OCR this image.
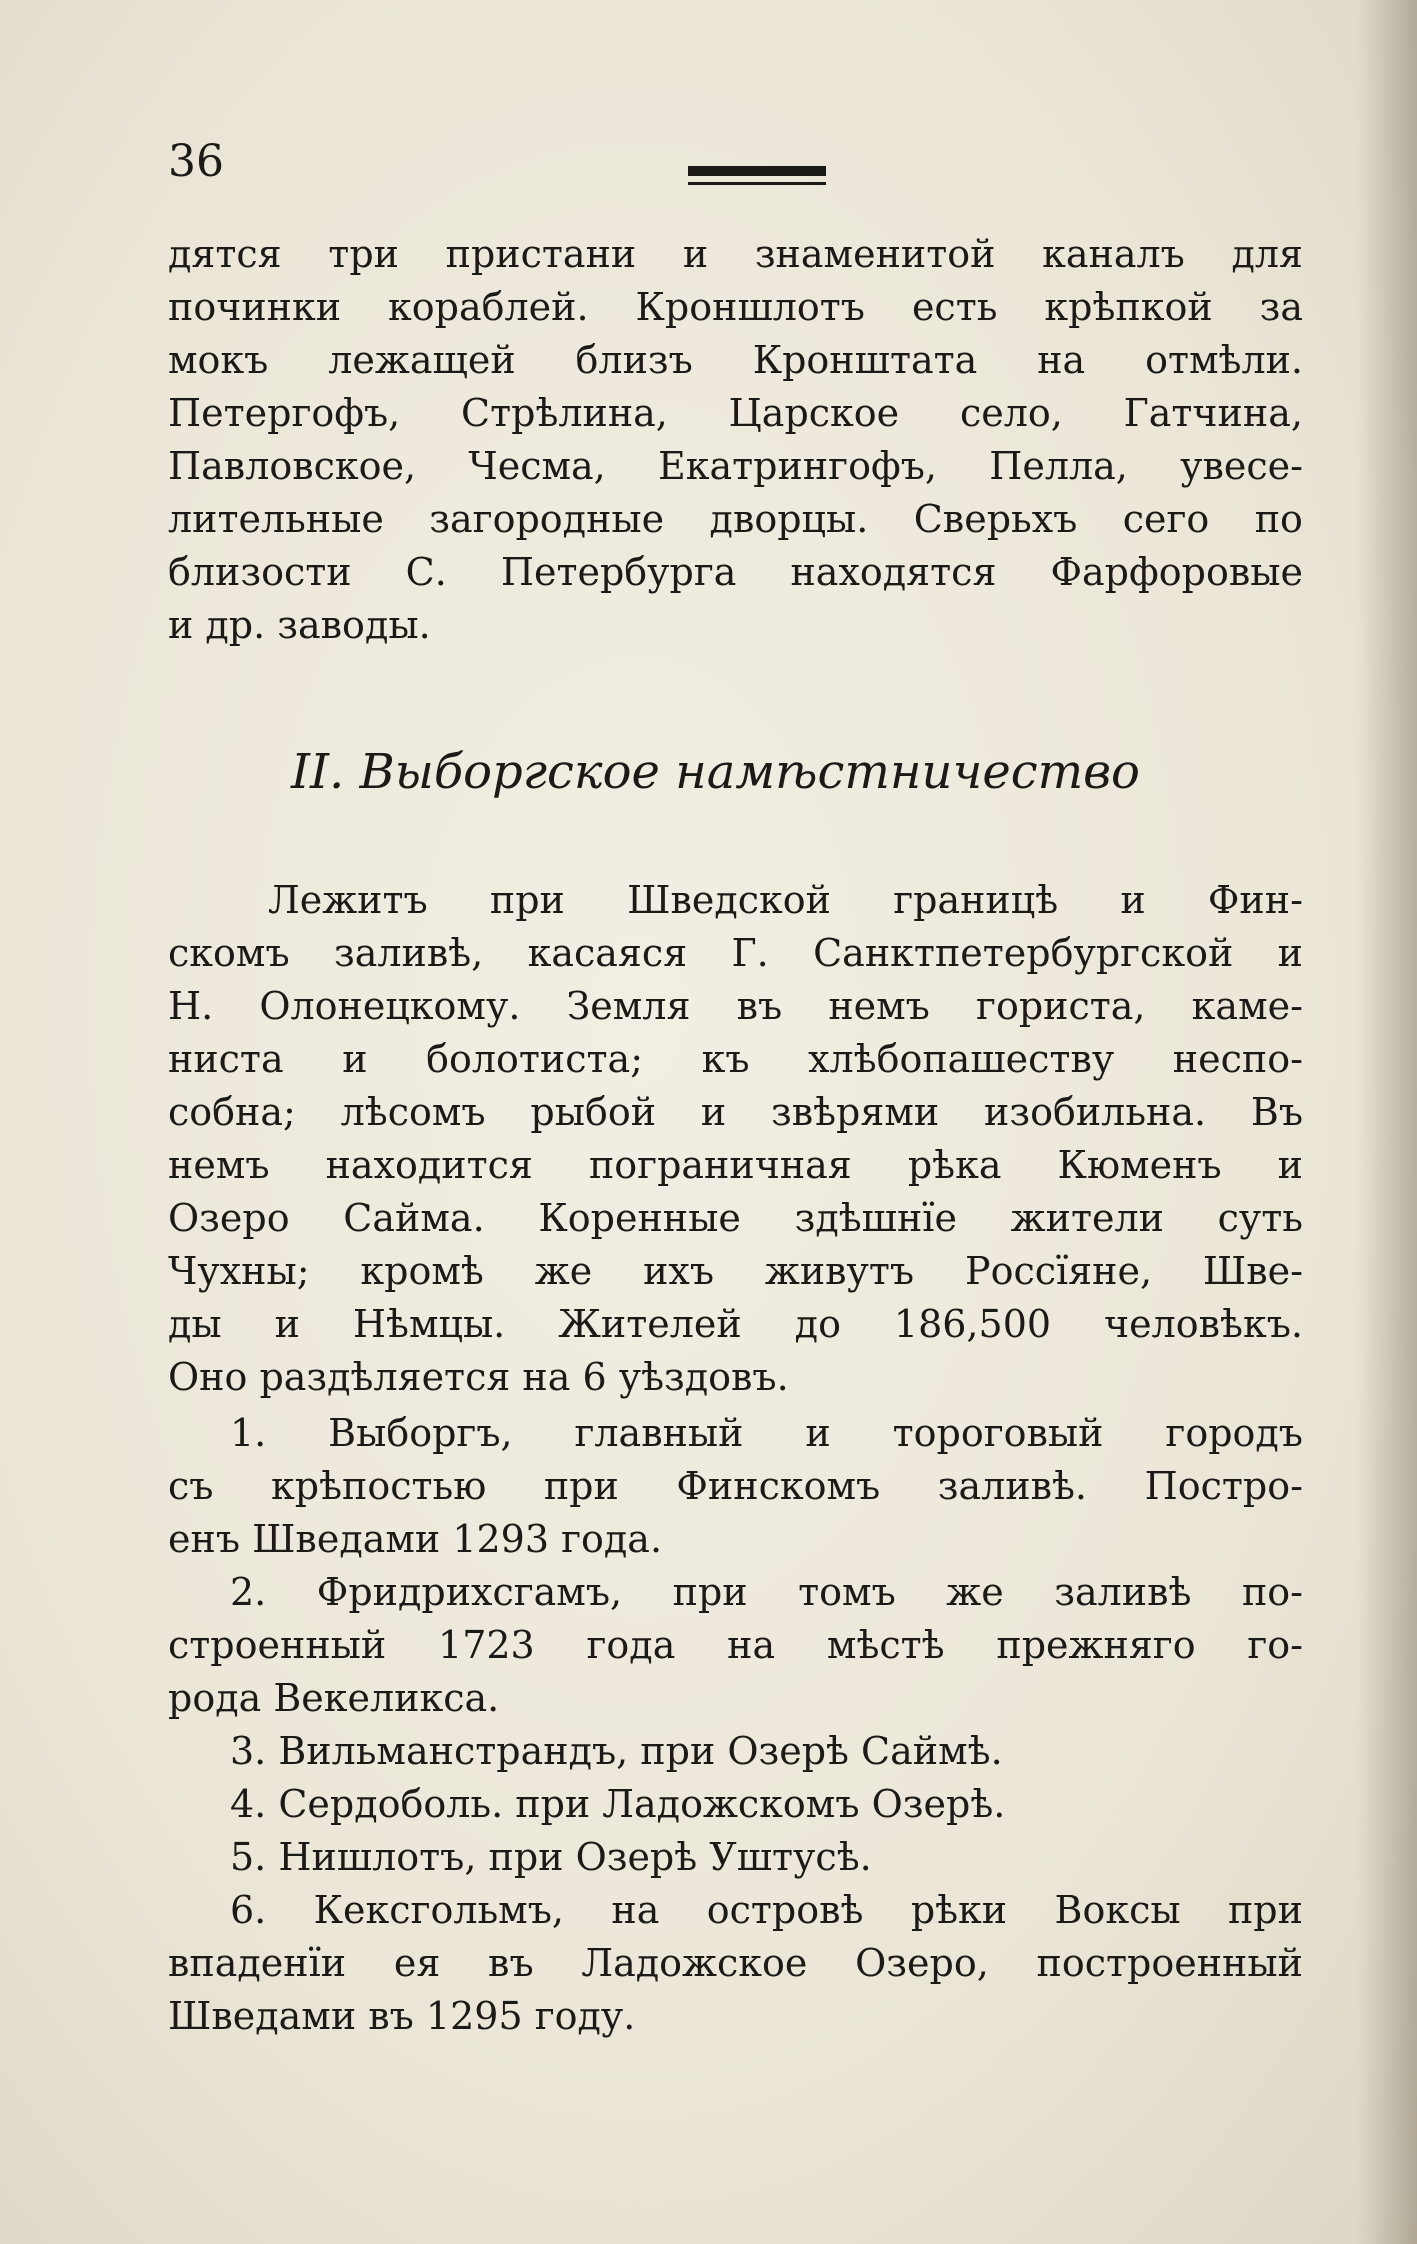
36
дятся три пристани и знаменитой каналъ для
починки кораблей. Кроншлотъ есть крѣпкой за
мокъ лежащей близъ Кронштата на отмѣли.
Петергофъ, Стрѣлина, Царское село, Гатчина,
Павловское, Чесма, Екатрингофъ, Пелла, увесе-
лительные загородные дворцы. Сверьхъ сего по
близости С. Петербурга находятся Фарфоровые
и др. заводы.
II. Выборгское намѣстничество
Лежитъ при Шведской границѣ и Фин-
скомъ заливѣ, касаяся Г. Санктпетербургской и
Н. Олонецкому. Земля въ немъ гориста, каме-
ниста и болотиста; къ хлѣбопашеству неспо-
собна; лѣсомъ рыбой и звѣрями изобильна. Въ
немъ находится пограничная рѣка Кюменъ и
Озеро Сайма. Коренные здѣшнїе жители суть
Чухны; кромѣ же ихъ живутъ Россїяне, Шве-
ды и Нѣмцы. Жителей до 186,500 человѣкъ.
Оно раздѣляется на 6 уѣздовъ.
1. Выборгъ, главный и тороговый городъ
съ крѣпостью при Финскомъ заливѣ. Постро-
енъ Шведами 1293 года.
2. Фридрихсгамъ, при томъ же заливѣ по-
строенный 1723 года на мѣстѣ прежняго го-
рода Векеликса.
3. Вильманстрандъ, при Озерѣ Саймѣ.
4. Сердоболь. при Ладожскомъ Озерѣ.
5. Нишлотъ, при Озерѣ Уштусѣ.
6. Кексгольмъ, на островѣ рѣки Воксы при
впаденїи ея въ Ладожское Озеро, построенный
Шведами въ 1295 году.
